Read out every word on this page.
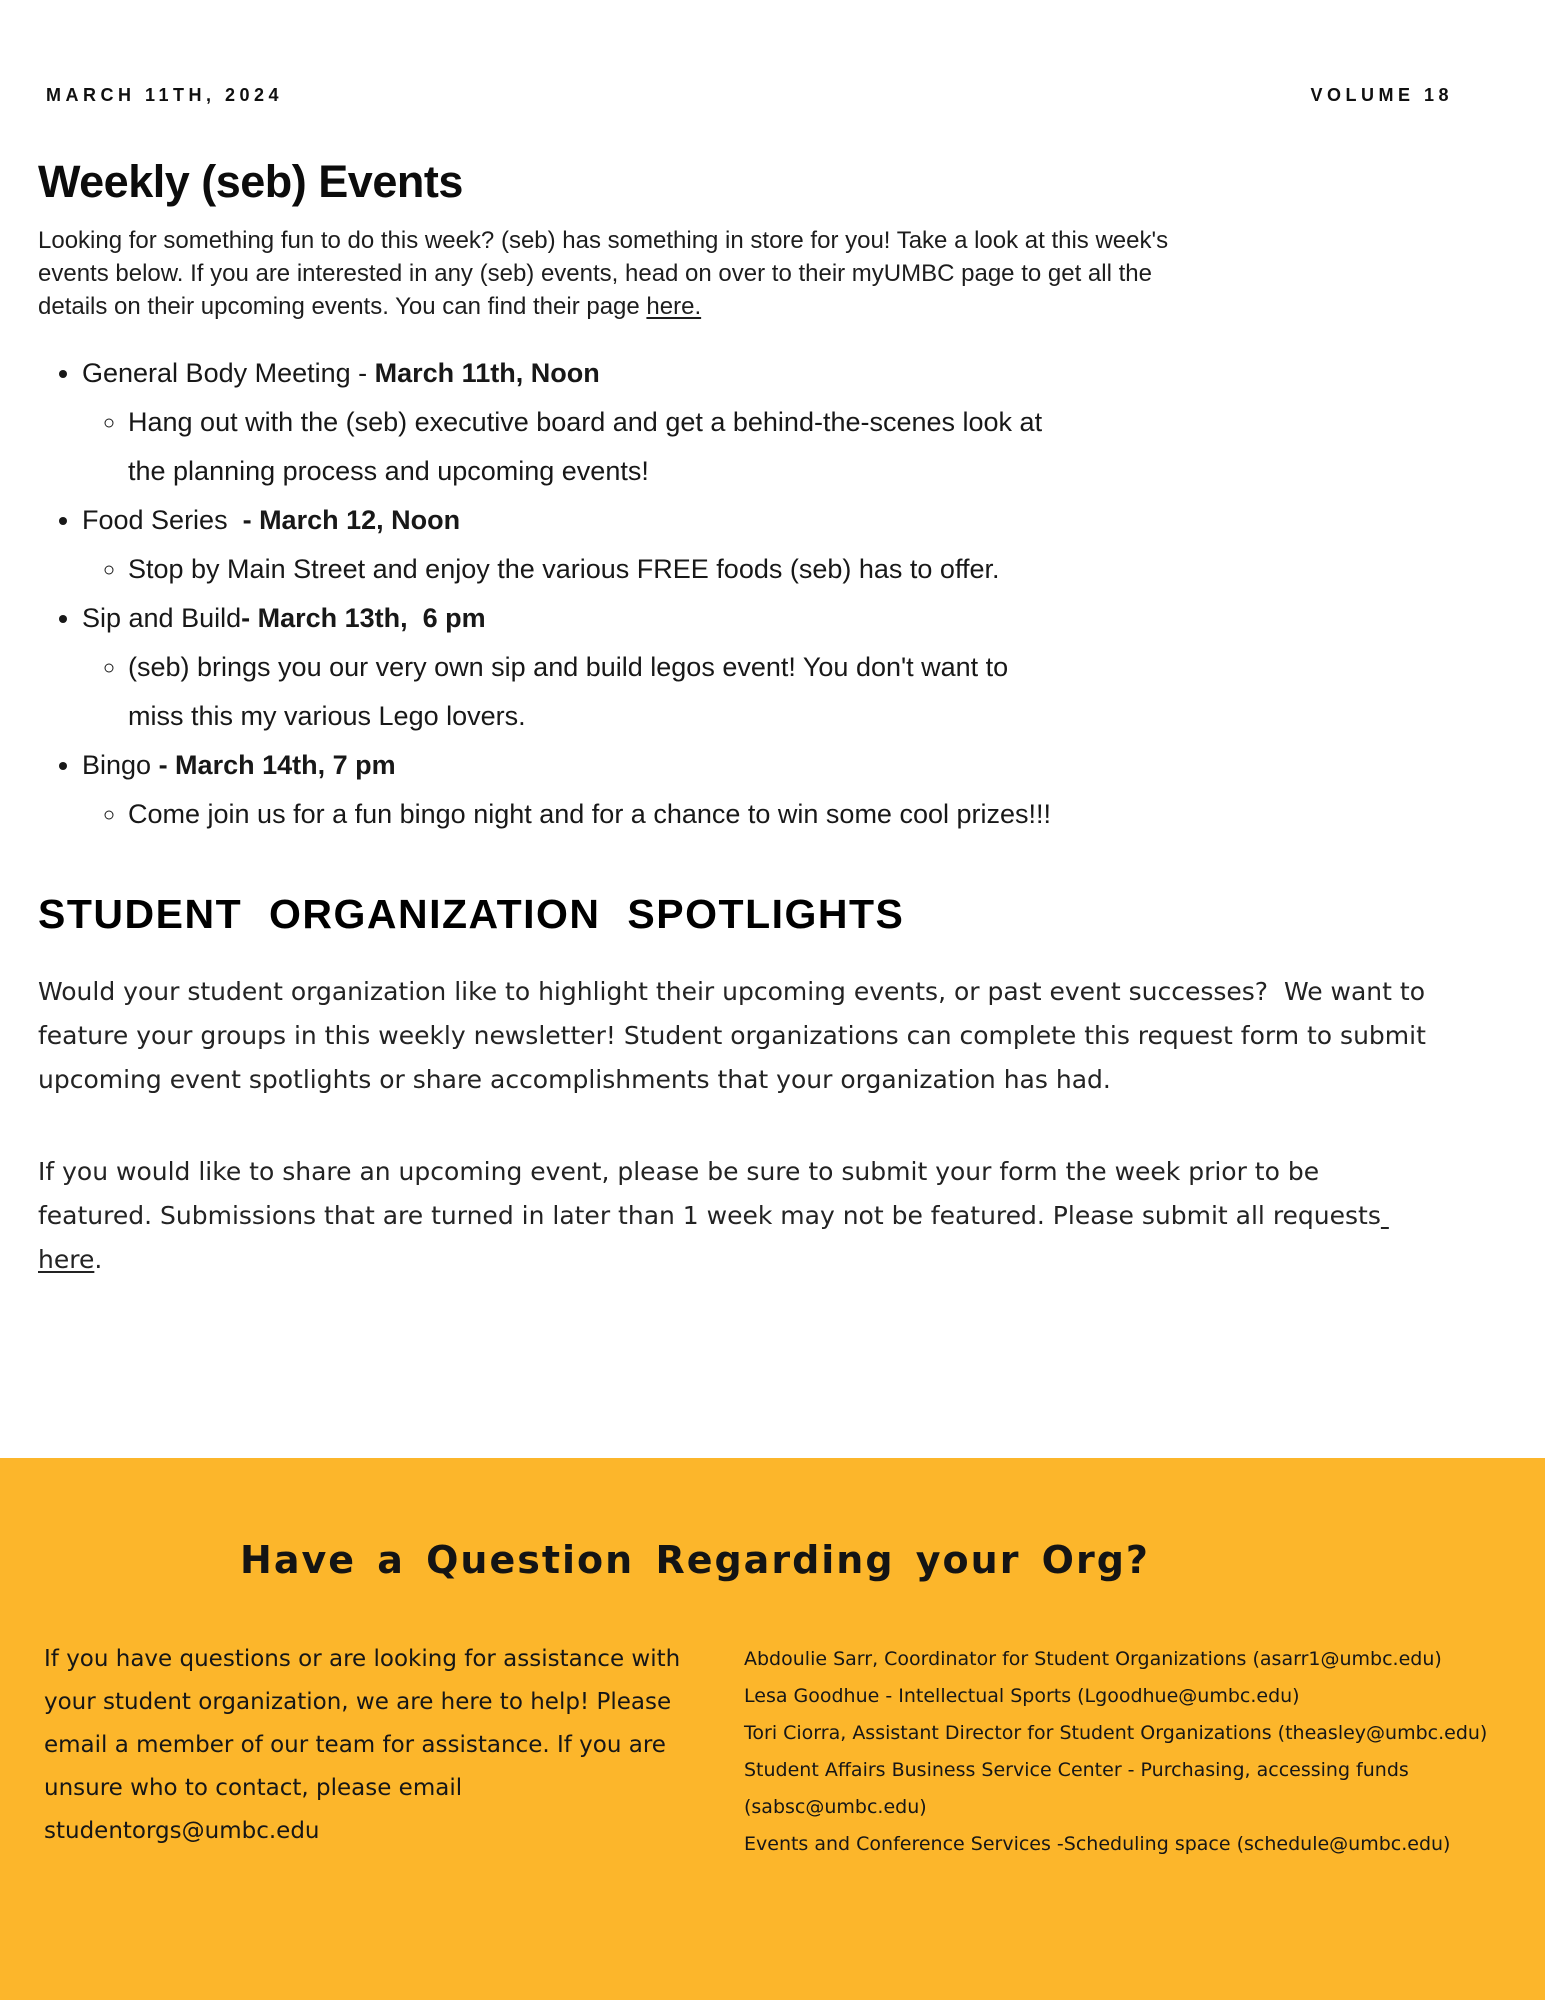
MARCH 11TH, 2024	VOLUME 18
Weekly (seb) Events

Looking for something fun to do this week? (seb) has something in store for you! Take a look at this week's events below. If you are interested in any (seb) events, head on over to their myUMBC page to get all the details on their upcoming events. You can find their page here.

• General Body Meeting - March 11th, Noon
◦ Hang out with the (seb) executive board and get a behind-the-scenes look at the planning process and upcoming events!
• Food Series  - March 12, Noon
◦ Stop by Main Street and enjoy the various FREE foods (seb) has to offer.
• Sip and Build- March 13th,  6 pm
◦ (seb) brings you our very own sip and build legos event! You don't want to miss this my various Lego lovers.
• Bingo - March 14th, 7 pm
◦ Come join us for a fun bingo night and for a chance to win some cool prizes!!!
STUDENT ORGANIZATION SPOTLIGHTS

Would your student organization like to highlight their upcoming events, or past event successes?  We want to feature your groups in this weekly newsletter! Student organizations can complete this request form to submit upcoming event spotlights or share accomplishments that your organization has had.

If you would like to share an upcoming event, please be sure to submit your form the week prior to be featured. Submissions that are turned in later than 1 week may not be featured. Please submit all requests here.

Have a Question Regarding your Org?
If you have questions or are looking for assistance with your student organization, we are here to help! Please email a member of our team for assistance. If you are unsure who to contact, please email studentorgs@umbc.edu
Abdoulie Sarr, Coordinator for Student Organizations (asarr1@umbc.edu)
Lesa Goodhue - Intellectual Sports (Lgoodhue@umbc.edu)
Tori Ciorra, Assistant Director for Student Organizations (theasley@umbc.edu)
Student Affairs Business Service Center - Purchasing, accessing funds (sabsc@umbc.edu)
Events and Conference Services -Scheduling space (schedule@umbc.edu)
